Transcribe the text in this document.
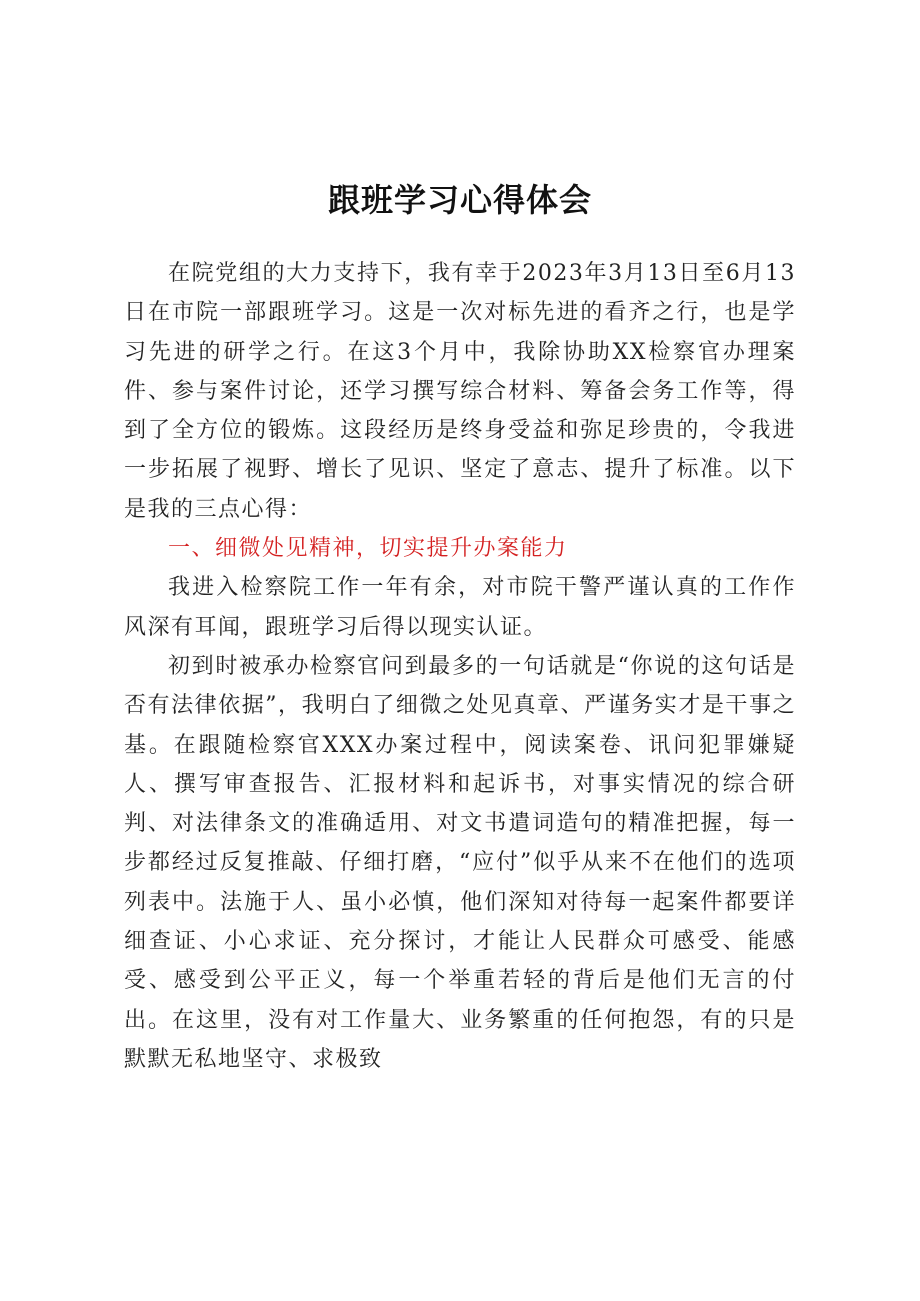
跟班学习心得体会

在院党组的大力支持下，我有幸于2023年3月13日至6月13日在市院一部跟班学习。这是一次对标先进的看齐之行，也是学习先进的研学之行。在这3个月中，我除协助XX检察官办理案件、参与案件讨论，还学习撰写综合材料、筹备会务工作等，得到了全方位的锻炼。这段经历是终身受益和弥足珍贵的，令我进一步拓展了视野、增长了见识、坚定了意志、提升了标准。以下是我的三点心得：

一、细微处见精神，切实提升办案能力

我进入检察院工作一年有余，对市院干警严谨认真的工作作风深有耳闻，跟班学习后得以现实认证。

初到时被承办检察官问到最多的一句话就是“你说的这句话是否有法律依据”，我明白了细微之处见真章、严谨务实才是干事之基。在跟随检察官XXX办案过程中，阅读案卷、讯问犯罪嫌疑人、撰写审查报告、汇报材料和起诉书，对事实情况的综合研判、对法律条文的准确适用、对文书遣词造句的精准把握，每一步都经过反复推敲、仔细打磨，“应付”似乎从来不在他们的选项列表中。法施于人、虽小必慎，他们深知对待每一起案件都要详细查证、小心求证、充分探讨，才能让人民群众可感受、能感受、感受到公平正义，每一个举重若轻的背后是他们无言的付出。在这里，没有对工作量大、业务繁重的任何抱怨，有的只是默默无私地坚守、求极致
